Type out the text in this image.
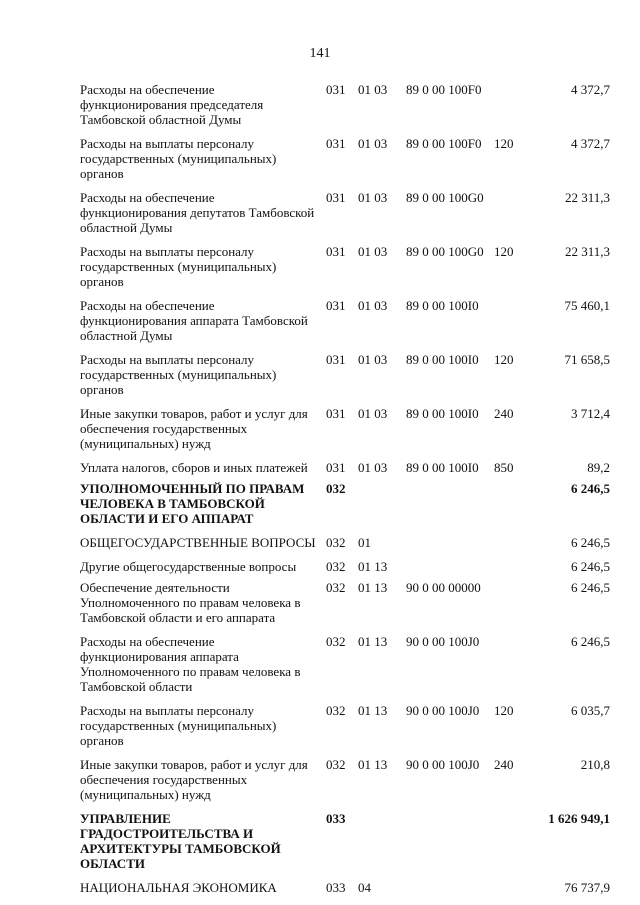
141
Расходы на обеспечение функционирования председателя Тамбовской областной Думы	031	01 03	89 0 00 100F0		4 372,7
Расходы на выплаты персоналу государственных (муниципальных) органов	031	01 03	89 0 00 100F0	120	4 372,7
Расходы на обеспечение функционирования депутатов Тамбовской областной Думы	031	01 03	89 0 00 100G0		22 311,3
Расходы на выплаты персоналу государственных (муниципальных) органов	031	01 03	89 0 00 100G0	120	22 311,3
Расходы на обеспечение функционирования аппарата Тамбовской областной Думы	031	01 03	89 0 00 100I0		75 460,1
Расходы на выплаты персоналу государственных (муниципальных) органов	031	01 03	89 0 00 100I0	120	71 658,5
Иные закупки товаров, работ и услуг для обеспечения государственных (муниципальных) нужд	031	01 03	89 0 00 100I0	240	3 712,4
Уплата налогов, сборов и иных платежей	031	01 03	89 0 00 100I0	850	89,2
УПОЛНОМОЧЕННЫЙ ПО ПРАВАМ ЧЕЛОВЕКА В ТАМБОВСКОЙ ОБЛАСТИ И ЕГО АППАРАТ	032				6 246,5
ОБЩЕГОСУДАРСТВЕННЫЕ ВОПРОСЫ	032	01			6 246,5
Другие общегосударственные вопросы	032	01 13			6 246,5
Обеспечение деятельности Уполномоченного по правам человека в Тамбовской области и его аппарата	032	01 13	90 0 00 00000		6 246,5
Расходы на обеспечение функционирования аппарата Уполномоченного по правам человека в Тамбовской области	032	01 13	90 0 00 100J0		6 246,5
Расходы на выплаты персоналу государственных (муниципальных) органов	032	01 13	90 0 00 100J0	120	6 035,7
Иные закупки товаров, работ и услуг для обеспечения государственных (муниципальных) нужд	032	01 13	90 0 00 100J0	240	210,8
УПРАВЛЕНИЕ ГРАДОСТРОИТЕЛЬСТВА И АРХИТЕКТУРЫ ТАМБОВСКОЙ ОБЛАСТИ	033				1 626 949,1
НАЦИОНАЛЬНАЯ ЭКОНОМИКА	033	04			76 737,9
